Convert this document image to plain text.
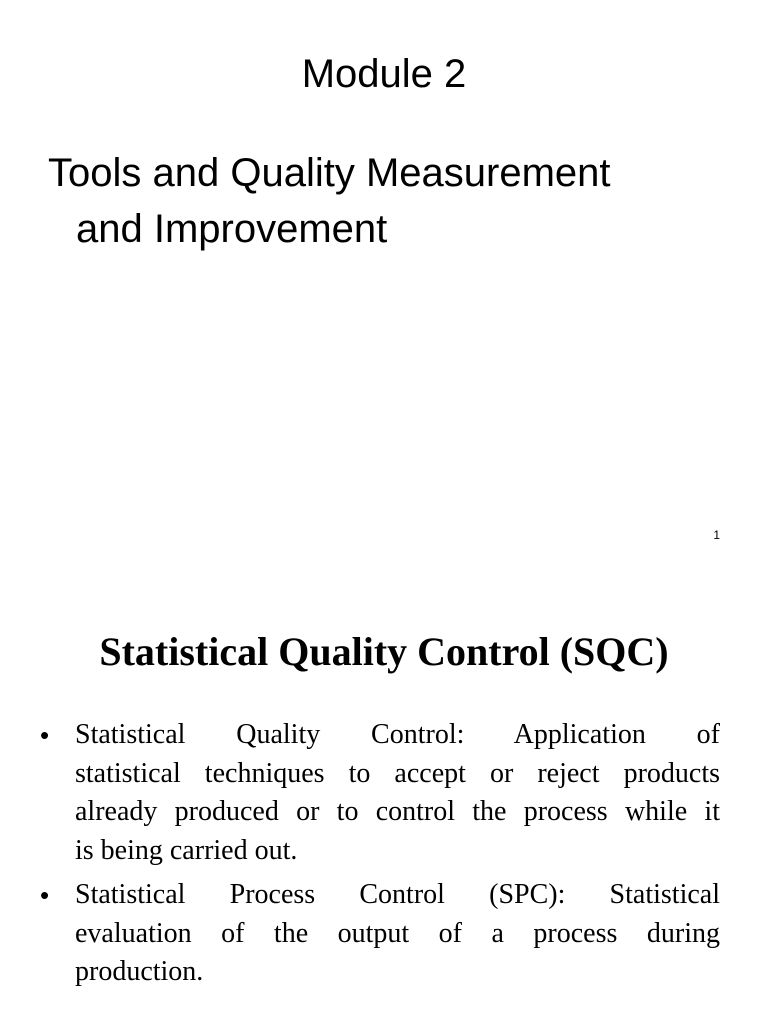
Module 2
Tools and Quality Measurement
and Improvement
1
Statistical Quality Control (SQC)
• Statistical Quality Control: Application of
statistical techniques to accept or reject products
already produced or to control the process while it
is being carried out.
• Statistical Process Control (SPC): Statistical
evaluation of the output of a process during
production.
